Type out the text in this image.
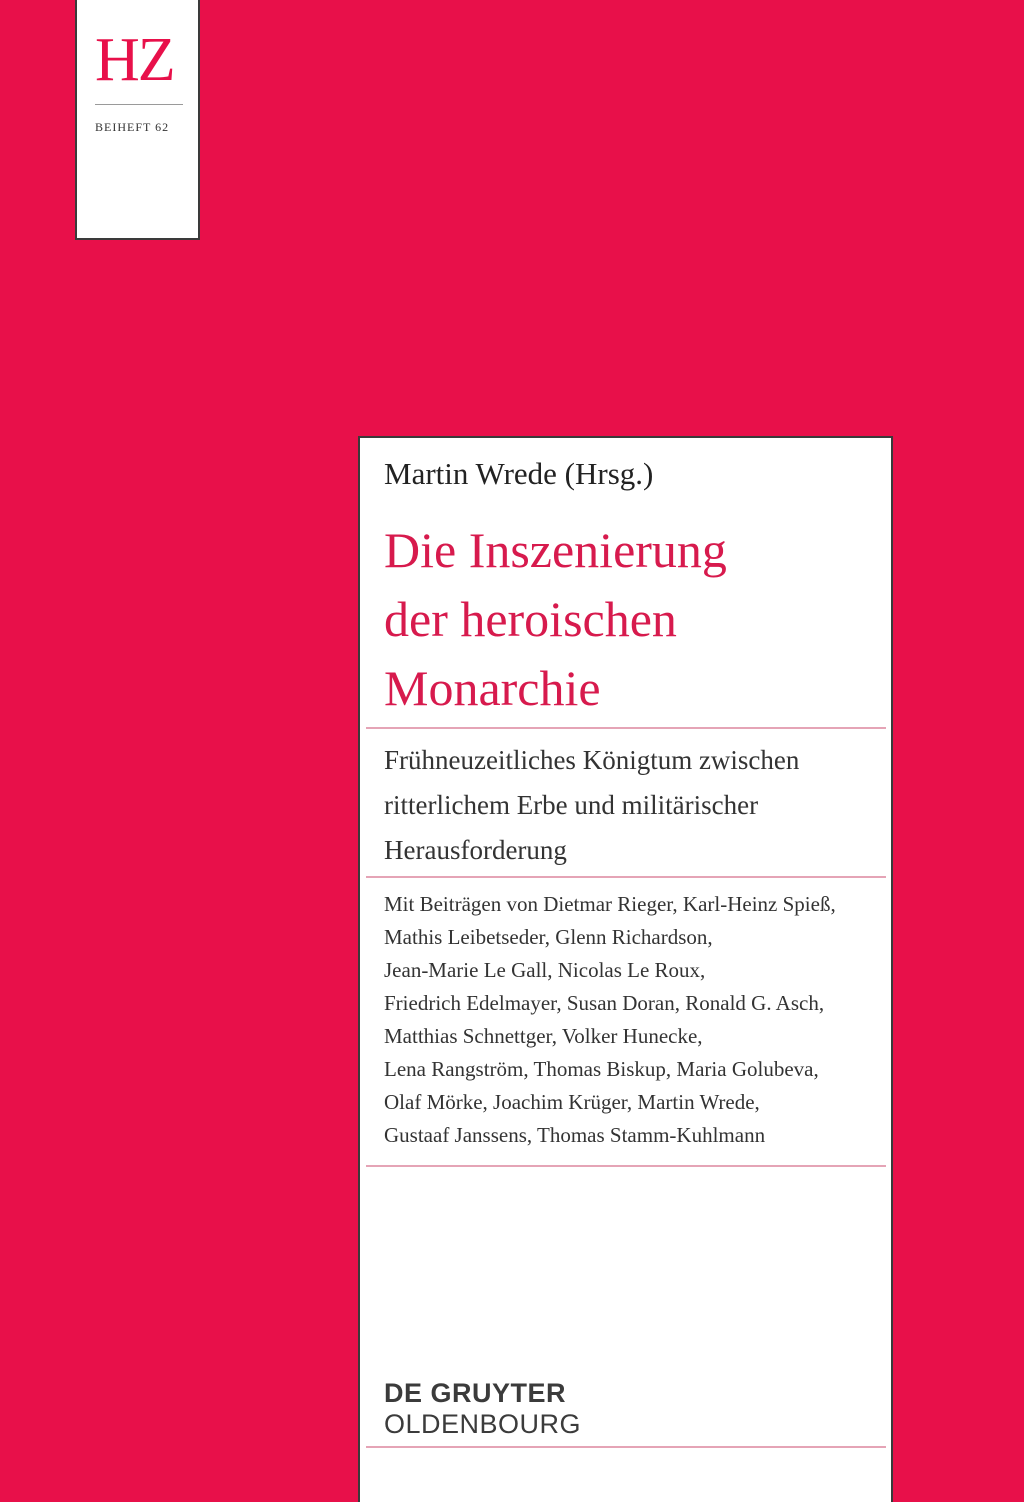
HZ
BEIHEFT 62
Martin Wrede (Hrsg.)
Die Inszenierung
der heroischen
Monarchie
Frühneuzeitliches Königtum zwischen
ritterlichem Erbe und militärischer
Herausforderung
Mit Beiträgen von Dietmar Rieger, Karl-Heinz Spieß,
Mathis Leibetseder, Glenn Richardson,
Jean-Marie Le Gall, Nicolas Le Roux,
Friedrich Edelmayer, Susan Doran, Ronald G. Asch,
Matthias Schnettger, Volker Hunecke,
Lena Rangström, Thomas Biskup, Maria Golubeva,
Olaf Mörke, Joachim Krüger, Martin Wrede,
Gustaaf Janssens, Thomas Stamm-Kuhlmann
DE GRUYTER
OLDENBOURG
